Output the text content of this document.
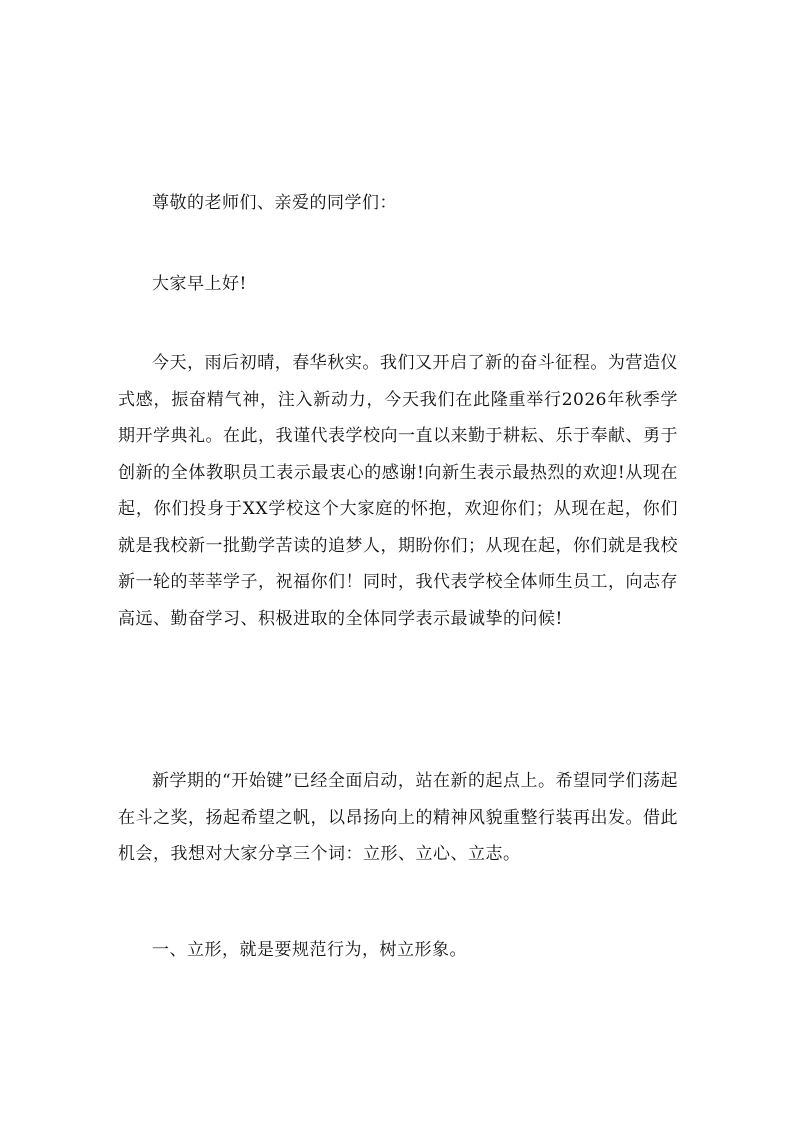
尊敬的老师们、亲爱的同学们：

大家早上好!

今天，雨后初晴，春华秋实。我们又开启了新的奋斗征程。为营造仪式感，振奋精气神，注入新动力，今天我们在此隆重举行2026年秋季学期开学典礼。在此，我谨代表学校向一直以来勤于耕耘、乐于奉献、勇于创新的全体教职员工表示最衷心的感谢!向新生表示最热烈的欢迎!从现在起，你们投身于XX学校这个大家庭的怀抱，欢迎你们；从现在起，你们就是我校新一批勤学苦读的追梦人，期盼你们；从现在起，你们就是我校新一轮的莘莘学子，祝福你们！同时，我代表学校全体师生员工，向志存高远、勤奋学习、积极进取的全体同学表示最诚挚的问候!

新学期的“开始键”已经全面启动，站在新的起点上。希望同学们荡起在斗之奖，扬起希望之帆，以昂扬向上的精神风貌重整行装再出发。借此机会，我想对大家分享三个词：立形、立心、立志。

一、立形，就是要规范行为，树立形象。
